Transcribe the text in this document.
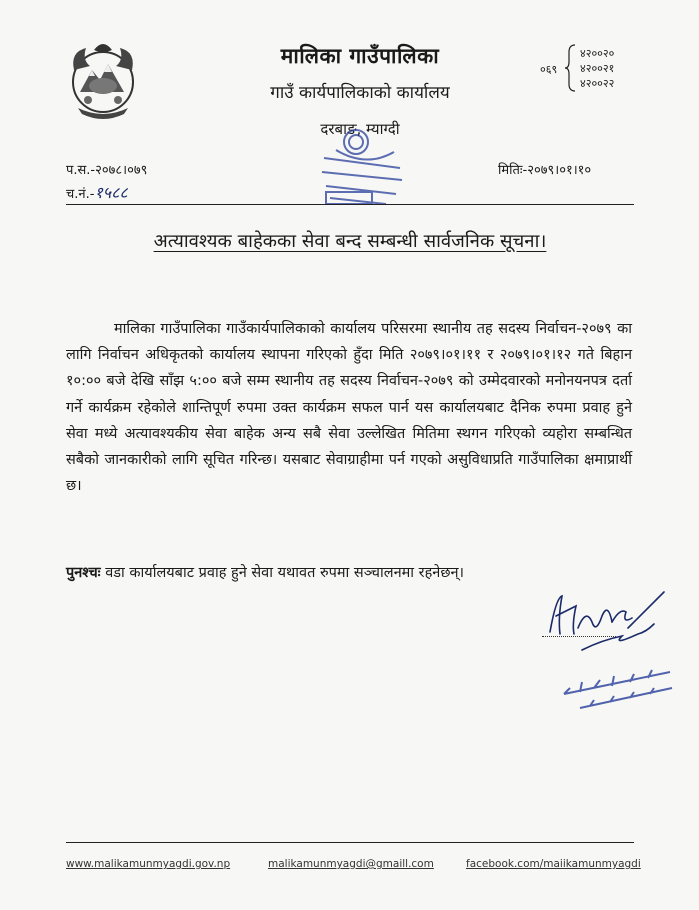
मालिका गाउँपालिका
गाउँ कार्यपालिकाको कार्यालय
दरबाङ, म्याग्दी
०६९
४२००२०
४२००२१
४२००२२
प.स.-२०७८।०७९
च.नं.-१५८८
मितिः-२०७९।०१।१०
अत्यावश्यक बाहेकका सेवा बन्द सम्बन्धी सार्वजनिक सूचना।
मालिका गाउँपालिका गाउँकार्यपालिकाको कार्यालय परिसरमा स्थानीय तह सदस्य निर्वाचन-२०७९ का लागि निर्वाचन अधिकृतको कार्यालय स्थापना गरिएको हुँदा मिति २०७९।०१।११ र २०७९।०१।१२ गते बिहान १०:०० बजे देखि साँझ ५:०० बजे सम्म स्थानीय तह सदस्य निर्वाचन-२०७९ को उम्मेदवारको मनोनयनपत्र दर्ता गर्ने कार्यक्रम रहेकोले शान्तिपूर्ण रुपमा उक्त कार्यक्रम सफल पार्न यस कार्यालयबाट दैनिक रुपमा प्रवाह हुने सेवा मध्ये अत्यावश्यकीय सेवा बाहेक अन्य सबै सेवा उल्लेखित मितिमा स्थगन गरिएको व्यहोरा सम्बन्धित सबैको जानकारीको लागि सूचित गरिन्छ। यसबाट सेवाग्राहीमा पर्न गएको असुविधाप्रति गाउँपालिका क्षमाप्रार्थी छ।
पुनश्चः वडा कार्यालयबाट प्रवाह हुने सेवा यथावत रुपमा सञ्चालनमा रहनेछन्।
www.malikamunmyagdi.gov.np	malikamunmyagdi@gmaill.com	facebook.com/maiikamunmyagdi
